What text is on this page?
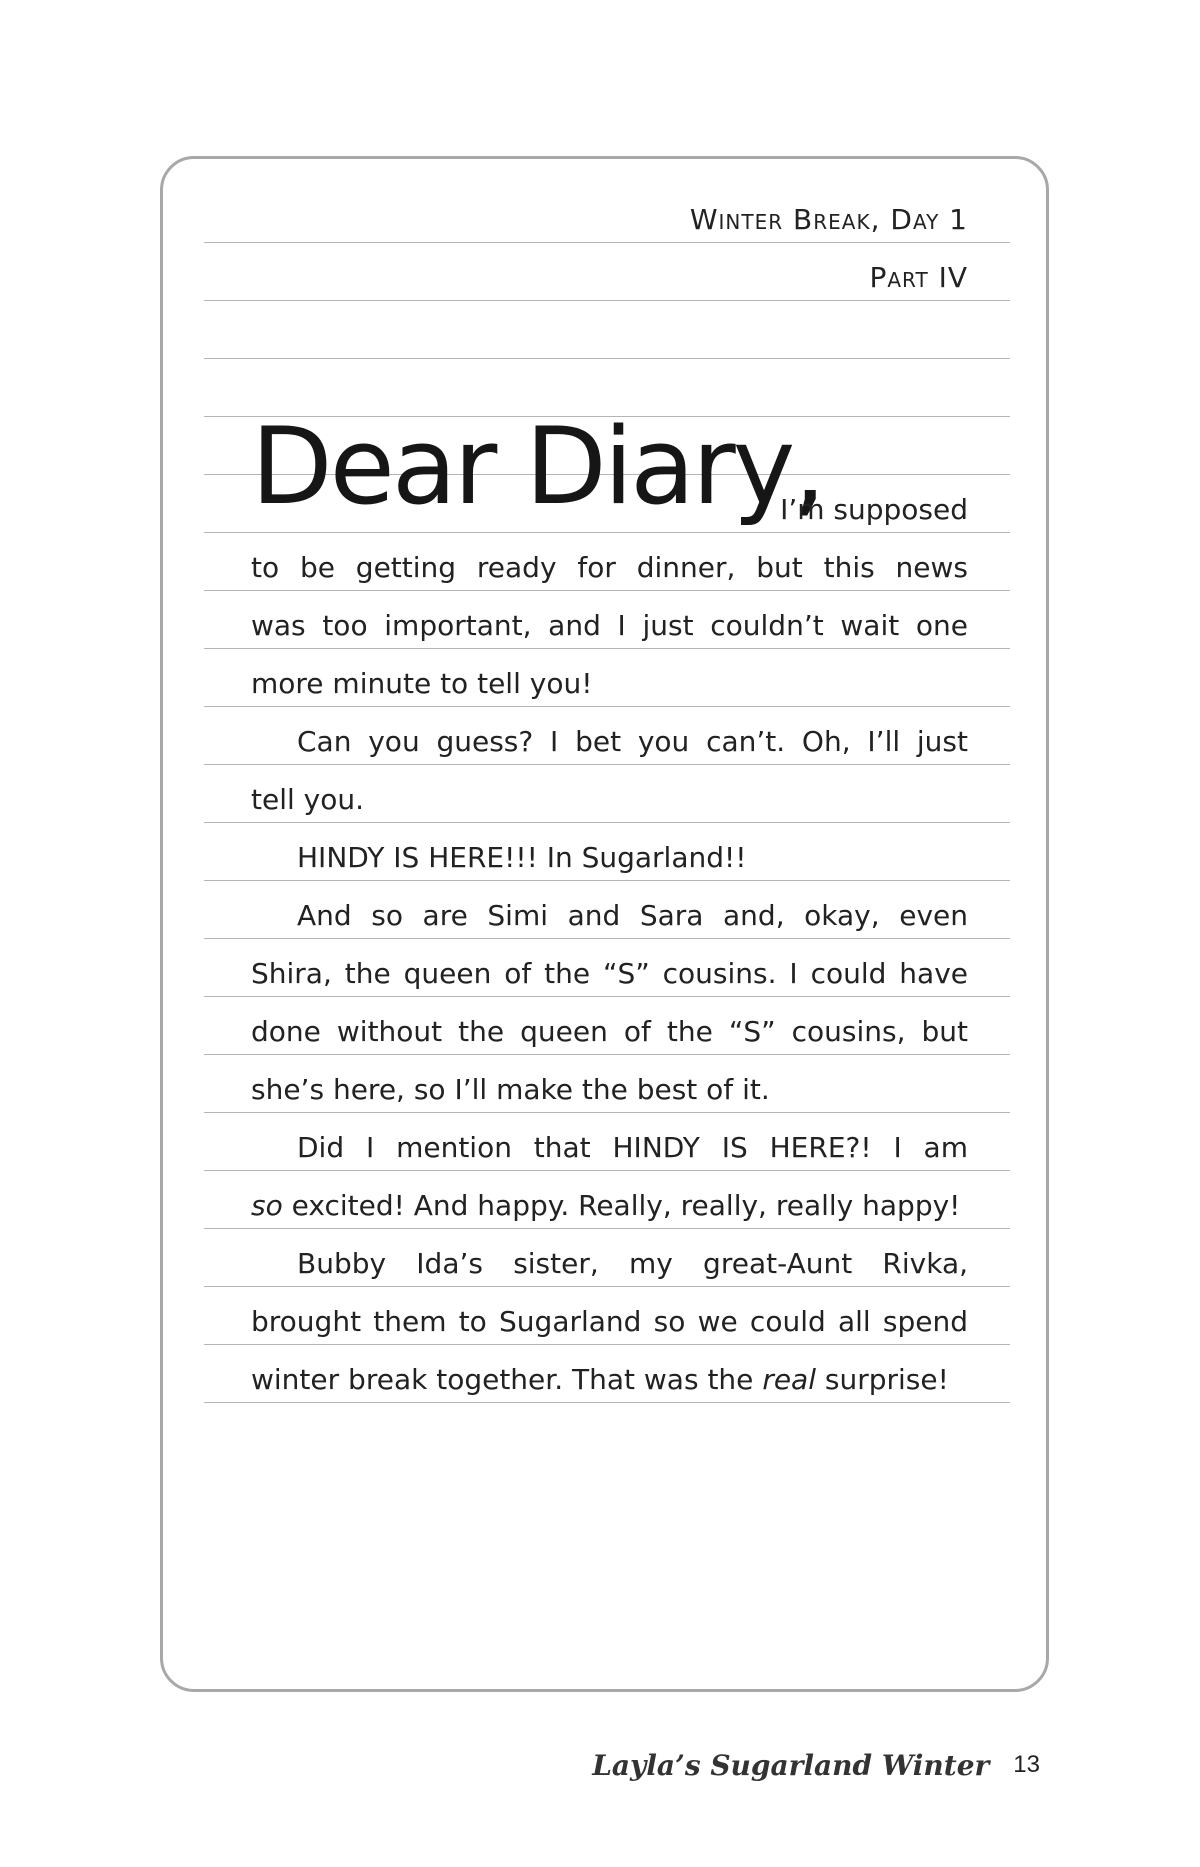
Winter Break, Day 1
Part IV
Dear Diary,
I’m supposed
to be getting ready for dinner, but this news
was too important, and I just couldn’t wait one
more minute to tell you!
Can you guess? I bet you can’t. Oh, I’ll just
tell you.
HINDY IS HERE!!! In Sugarland!!
And so are Simi and Sara and, okay, even
Shira, the queen of the “S” cousins. I could have
done without the queen of the “S” cousins, but
she’s here, so I’ll make the best of it.
Did I mention that HINDY IS HERE?! I am
so excited! And happy. Really, really, really happy!
Bubby Ida’s sister, my great-Aunt Rivka,
brought them to Sugarland so we could all spend
winter break together. That was the real surprise!
Layla’s Sugarland Winter 13
